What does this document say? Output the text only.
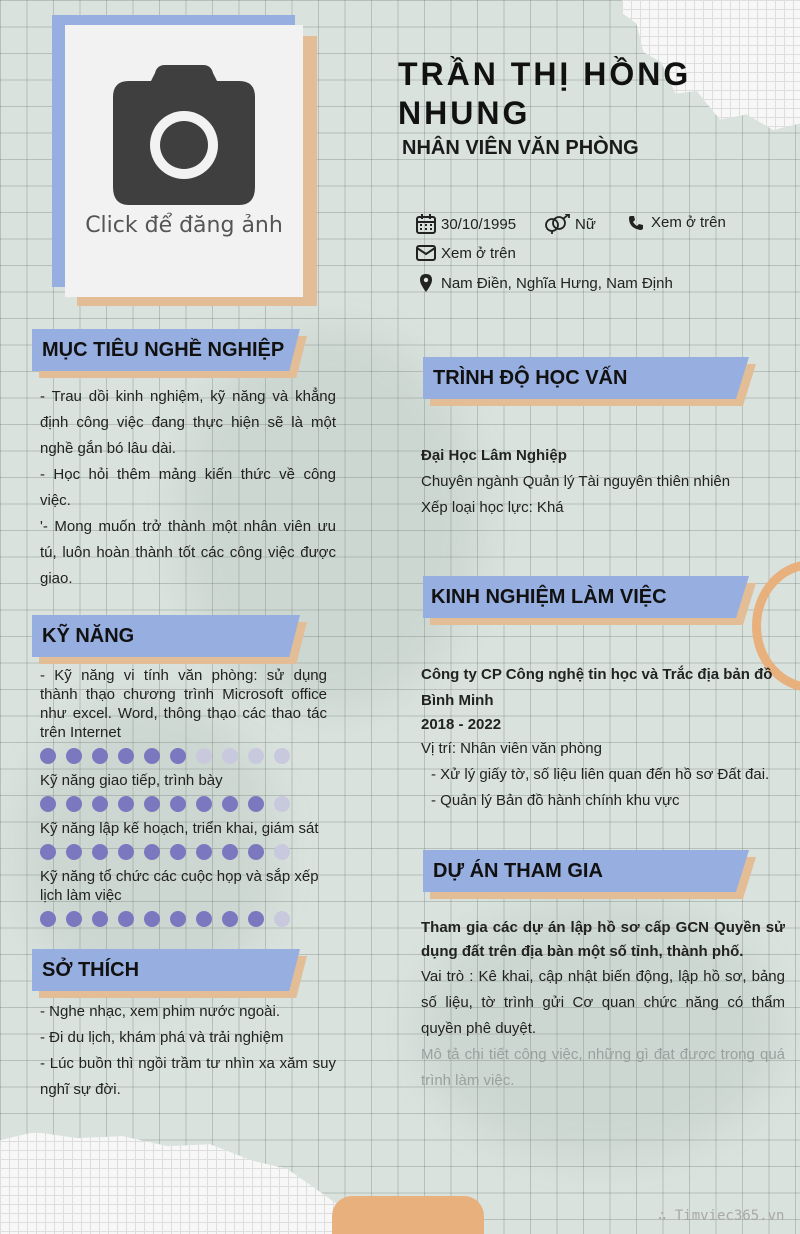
Click để đăng ảnh
TRẦN THỊ HỒNG
NHUNG
NHÂN VIÊN VĂN PHÒNG
30/10/1995	Nữ	Xem ở trên
Xem ở trên
Nam Điền, Nghĩa Hưng, Nam Định
MỤC TIÊU NGHỀ NGHIỆP

- Trau dồi kinh nghiệm, kỹ năng và khẳng định công việc đang thực hiện sẽ là một nghề gắn bó lâu dài.

- Học hỏi thêm mảng kiến thức về công việc.

'- Mong muốn trở thành một nhân viên ưu tú, luôn hoàn thành tốt các công việc được giao.

KỸ NĂNG
- Kỹ năng vi tính văn phòng: sử dụng thành thạo chương trình Microsoft office như excel. Word, thông thạo các thao tác trên Internet
Kỹ năng giao tiếp, trình bày
Kỹ năng lập kế hoạch, triển khai, giám sát
Kỹ năng tổ chức các cuộc họp và sắp xếp lịch làm việc
SỞ THÍCH

- Nghe nhạc, xem phim nước ngoài.

- Đi du lịch, khám phá và trải nghiệm

- Lúc buồn thì ngồi trầm tư nhìn xa xăm suy nghĩ sự đời.

TRÌNH ĐỘ HỌC VẤN

Đại Học Lâm Nghiệp

Chuyên ngành Quản lý Tài nguyên thiên nhiên

Xếp loại học lực: Khá

KINH NGHIỆM LÀM VIỆC

Công ty CP Công nghệ tin học và Trắc địa bản đồ Bình Minh

2018 - 2022

Vị trí: Nhân viên văn phòng

- Xử lý giấy tờ, số liệu liên quan đến hồ sơ Đất đai.

- Quản lý Bản đồ hành chính khu vực

DỰ ÁN THAM GIA

Tham gia các dự án lập hồ sơ cấp GCN Quyền sử dụng đất trên địa bàn một số tỉnh, thành phố.

Vai trò : Kê khai, cập nhật biến động, lập hồ sơ, bảng số liệu, tờ trình gửi Cơ quan chức năng có thẩm quyền phê duyệt.

Mô tả chi tiết công việc, những gì đạt được trong quá trình làm việc.

∴ Timviec365.vn
